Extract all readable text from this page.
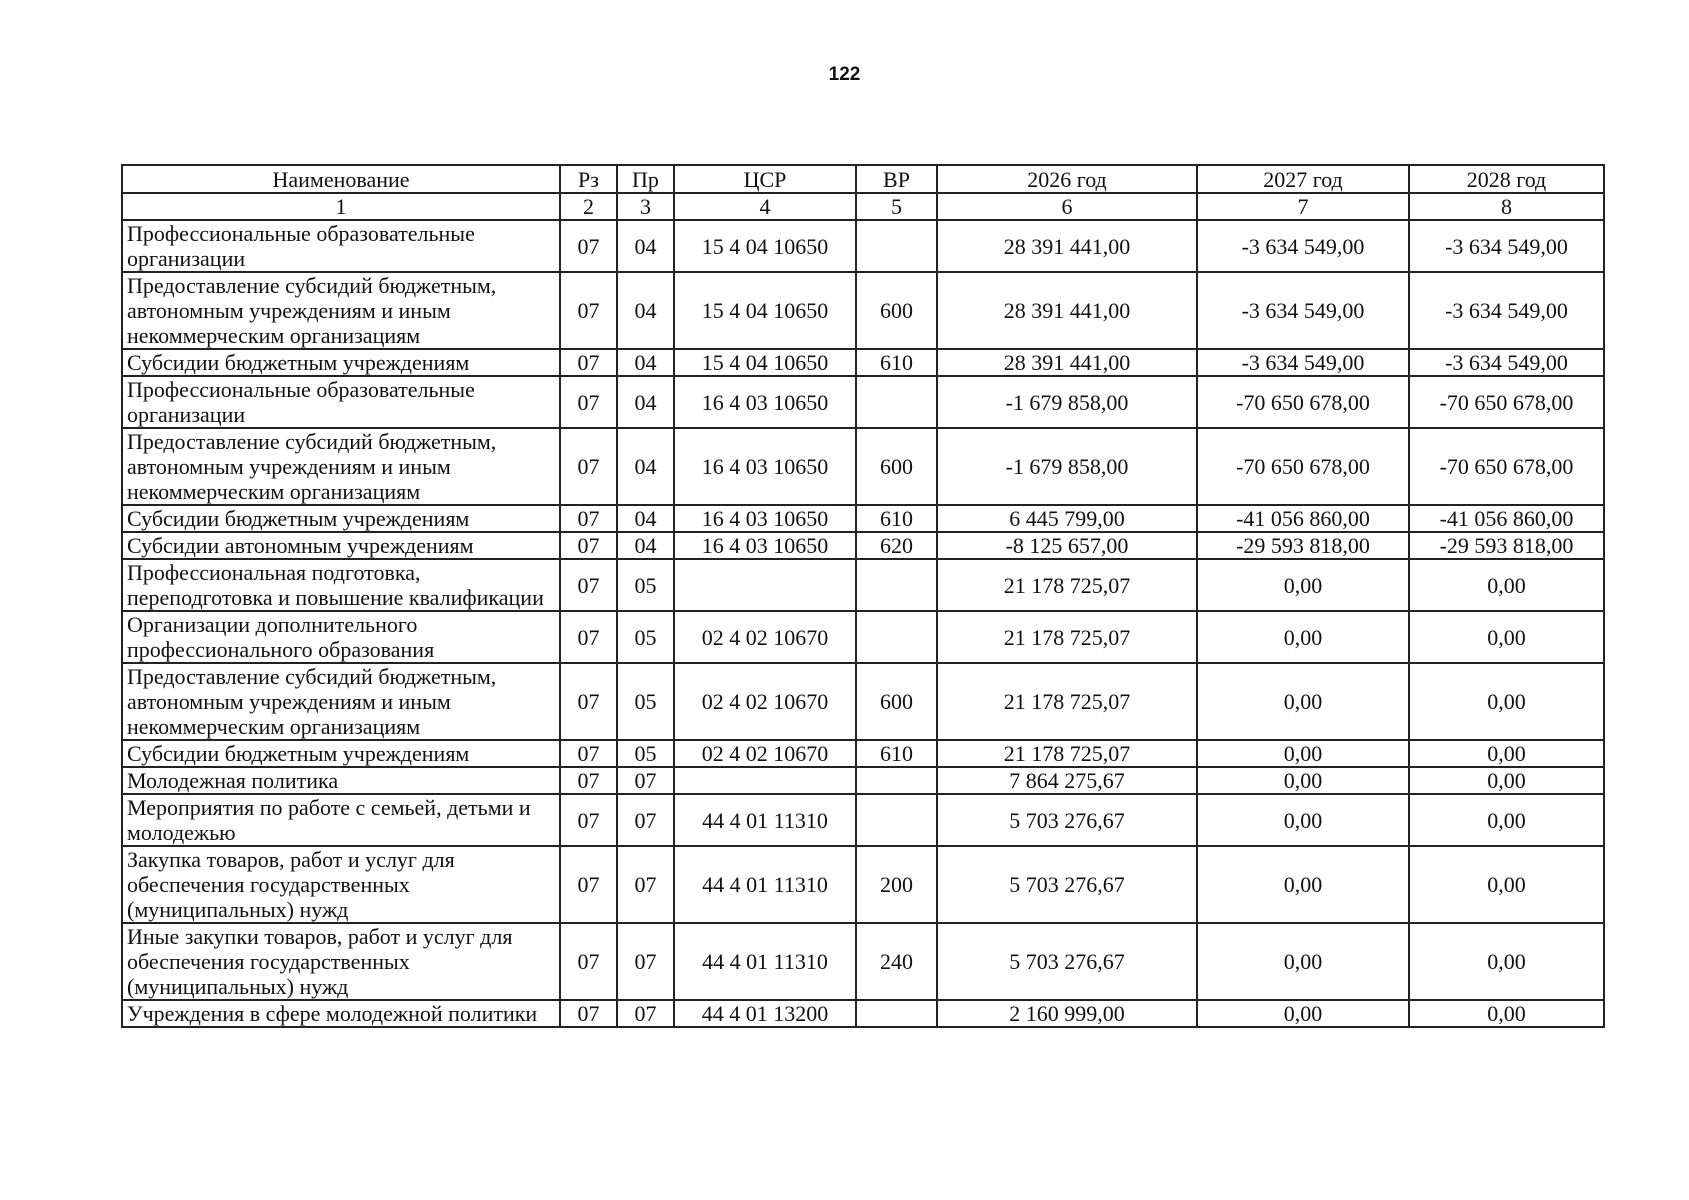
122
Наименование	Рз	Пр	ЦСР	ВР	2026 год	2027 год	2028 год
1	2	3	4	5	6	7	8
Профессиональные образовательные организации	07	04	15 4 04 10650		28 391 441,00	-3 634 549,00	-3 634 549,00
Предоставление субсидий бюджетным, автономным учреждениям и иным некоммерческим организациям	07	04	15 4 04 10650	600	28 391 441,00	-3 634 549,00	-3 634 549,00
Субсидии бюджетным учреждениям	07	04	15 4 04 10650	610	28 391 441,00	-3 634 549,00	-3 634 549,00
Профессиональные образовательные организации	07	04	16 4 03 10650		-1 679 858,00	-70 650 678,00	-70 650 678,00
Предоставление субсидий бюджетным, автономным учреждениям и иным некоммерческим организациям	07	04	16 4 03 10650	600	-1 679 858,00	-70 650 678,00	-70 650 678,00
Субсидии бюджетным учреждениям	07	04	16 4 03 10650	610	6 445 799,00	-41 056 860,00	-41 056 860,00
Субсидии автономным учреждениям	07	04	16 4 03 10650	620	-8 125 657,00	-29 593 818,00	-29 593 818,00
Профессиональная подготовка, переподготовка и повышение квалификации	07	05			21 178 725,07	0,00	0,00
Организации дополнительного профессионального образования	07	05	02 4 02 10670		21 178 725,07	0,00	0,00
Предоставление субсидий бюджетным, автономным учреждениям и иным некоммерческим организациям	07	05	02 4 02 10670	600	21 178 725,07	0,00	0,00
Субсидии бюджетным учреждениям	07	05	02 4 02 10670	610	21 178 725,07	0,00	0,00
Молодежная политика	07	07			7 864 275,67	0,00	0,00
Мероприятия по работе с семьей, детьми и молодежью	07	07	44 4 01 11310		5 703 276,67	0,00	0,00
Закупка товаров, работ и услуг для обеспечения государственных (муниципальных) нужд	07	07	44 4 01 11310	200	5 703 276,67	0,00	0,00
Иные закупки товаров, работ и услуг для обеспечения государственных (муниципальных) нужд	07	07	44 4 01 11310	240	5 703 276,67	0,00	0,00
Учреждения в сфере молодежной политики	07	07	44 4 01 13200		2 160 999,00	0,00	0,00
